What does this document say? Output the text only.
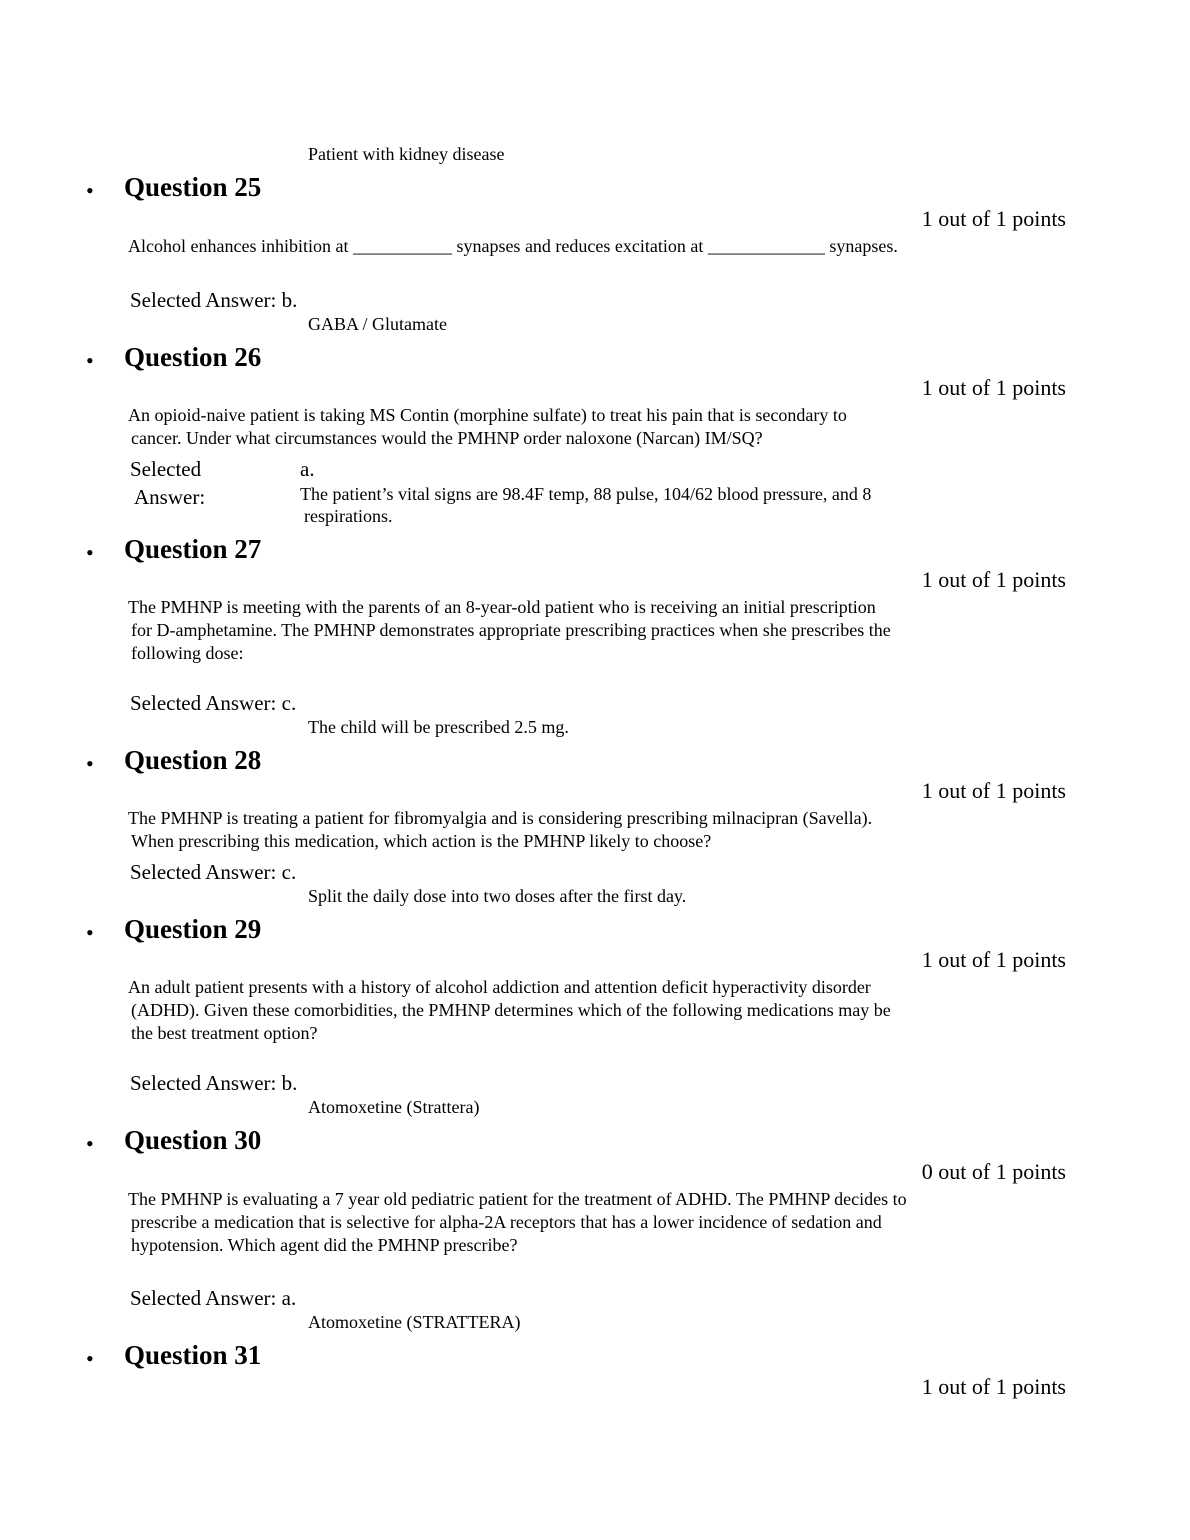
Patient with kidney disease
• Question 25
1 out of 1 points
Alcohol enhances inhibition at ___________ synapses and reduces excitation at _____________ synapses.
Selected Answer: b.
GABA / Glutamate
• Question 26
1 out of 1 points
An opioid-naive patient is taking MS Contin (morphine sulfate) to treat his pain that is secondary to
cancer. Under what circumstances would the PMHNP order naloxone (Narcan) IM/SQ?
Selected
Answer:
a.
The patient’s vital signs are 98.4F temp, 88 pulse, 104/62 blood pressure, and 8
respirations.
• Question 27
1 out of 1 points
The PMHNP is meeting with the parents of an 8-year-old patient who is receiving an initial prescription
for D-amphetamine. The PMHNP demonstrates appropriate prescribing practices when she prescribes the
following dose:
Selected Answer: c.
The child will be prescribed 2.5 mg.
• Question 28
1 out of 1 points
The PMHNP is treating a patient for fibromyalgia and is considering prescribing milnacipran (Savella).
When prescribing this medication, which action is the PMHNP likely to choose?
Selected Answer: c.
Split the daily dose into two doses after the first day.
• Question 29
1 out of 1 points
An adult patient presents with a history of alcohol addiction and attention deficit hyperactivity disorder
(ADHD). Given these comorbidities, the PMHNP determines which of the following medications may be
the best treatment option?
Selected Answer: b.
Atomoxetine (Strattera)
• Question 30
0 out of 1 points
The PMHNP is evaluating a 7 year old pediatric patient for the treatment of ADHD. The PMHNP decides to
prescribe a medication that is selective for alpha-2A receptors that has a lower incidence of sedation and
hypotension. Which agent did the PMHNP prescribe?
Selected Answer: a.
Atomoxetine (STRATTERA)
• Question 31
1 out of 1 points
